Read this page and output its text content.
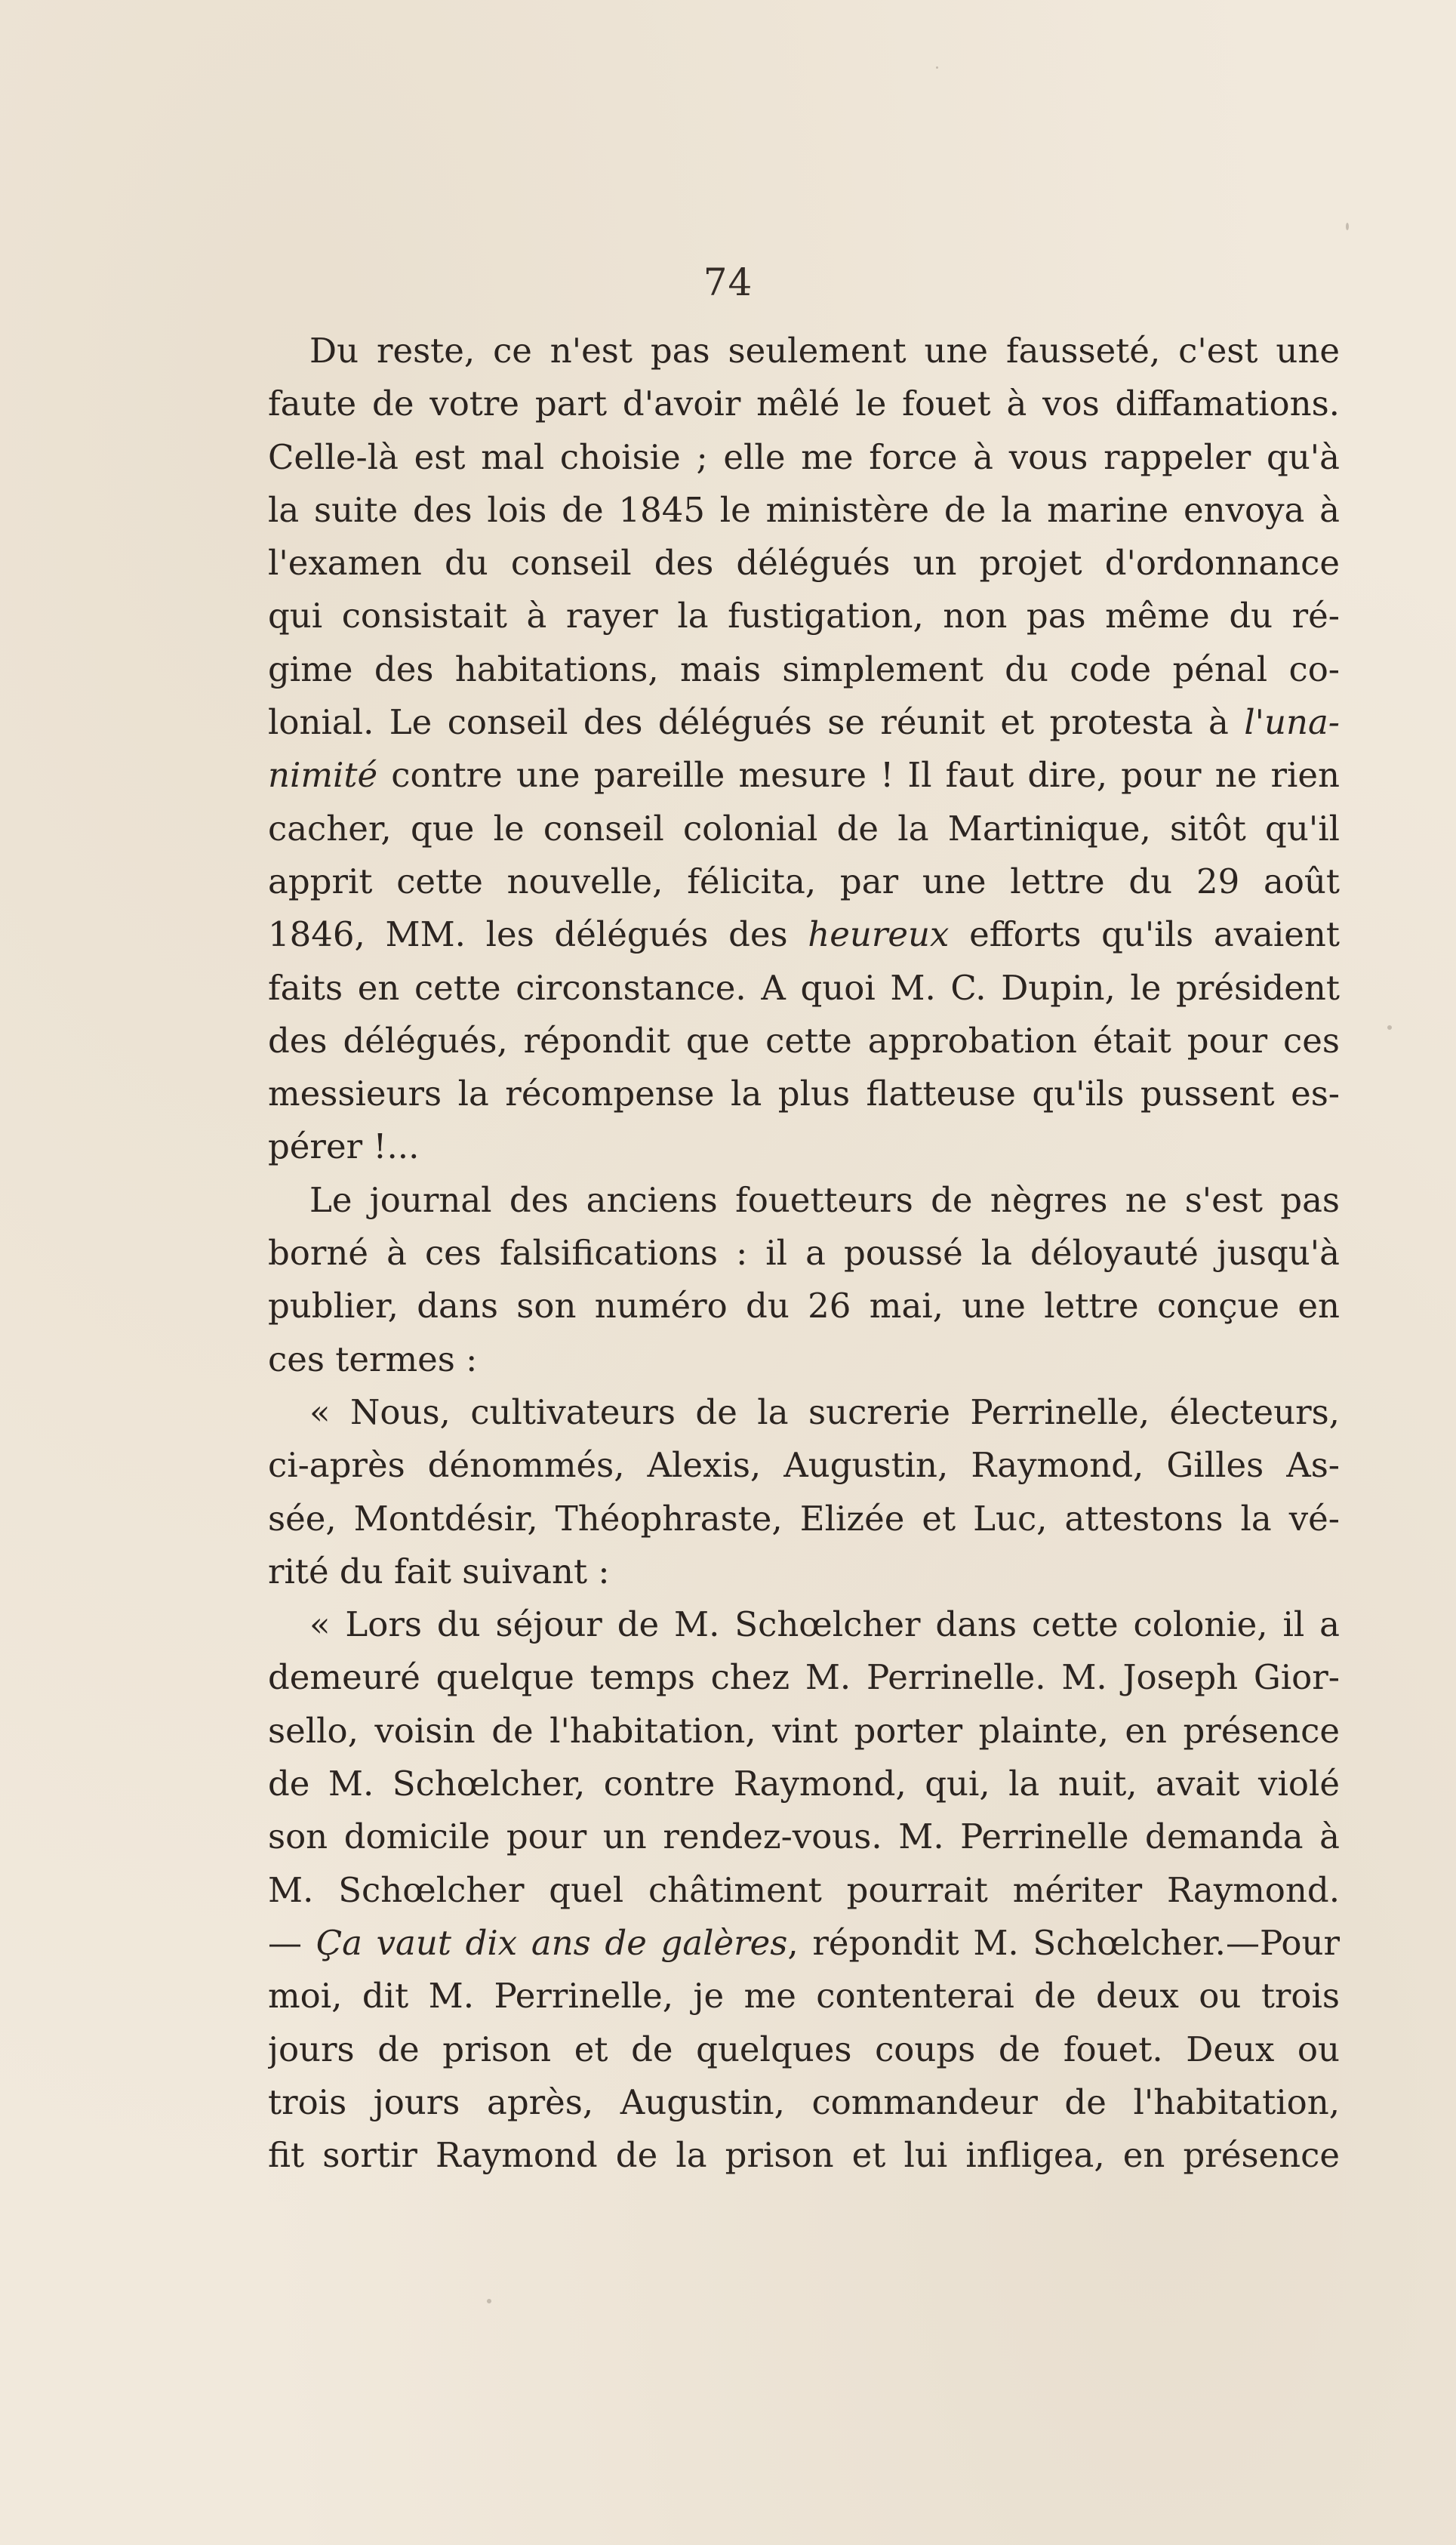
74
Du reste, ce n'est pas seulement une fausseté, c'est une
faute de votre part d'avoir mêlé le fouet à vos diffamations.
Celle-là est mal choisie ; elle me force à vous rappeler qu'à
la suite des lois de 1845 le ministère de la marine envoya à
l'examen du conseil des délégués un projet d'ordonnance
qui consistait à rayer la fustigation, non pas même du ré-
gime des habitations, mais simplement du code pénal co-
lonial. Le conseil des délégués se réunit et protesta à l'una-
nimité contre une pareille mesure ! Il faut dire, pour ne rien
cacher, que le conseil colonial de la Martinique, sitôt qu'il
apprit cette nouvelle, félicita, par une lettre du 29 août
1846, MM. les délégués des heureux efforts qu'ils avaient
faits en cette circonstance. A quoi M. C. Dupin, le président
des délégués, répondit que cette approbation était pour ces
messieurs la récompense la plus flatteuse qu'ils pussent es-
pérer !...
Le journal des anciens fouetteurs de nègres ne s'est pas
borné à ces falsifications : il a poussé la déloyauté jusqu'à
publier, dans son numéro du 26 mai, une lettre conçue en
ces termes :
« Nous, cultivateurs de la sucrerie Perrinelle, électeurs,
ci-après dénommés, Alexis, Augustin, Raymond, Gilles As-
sée, Montdésir, Théophraste, Elizée et Luc, attestons la vé-
rité du fait suivant :
« Lors du séjour de M. Schœlcher dans cette colonie, il a
demeuré quelque temps chez M. Perrinelle. M. Joseph Gior-
sello, voisin de l'habitation, vint porter plainte, en présence
de M. Schœlcher, contre Raymond, qui, la nuit, avait violé
son domicile pour un rendez-vous. M. Perrinelle demanda à
M. Schœlcher quel châtiment pourrait mériter Raymond.
— Ça vaut dix ans de galères, répondit M. Schœlcher.—Pour
moi, dit M. Perrinelle, je me contenterai de deux ou trois
jours de prison et de quelques coups de fouet. Deux ou
trois jours après, Augustin, commandeur de l'habitation,
fit sortir Raymond de la prison et lui infligea, en présence
